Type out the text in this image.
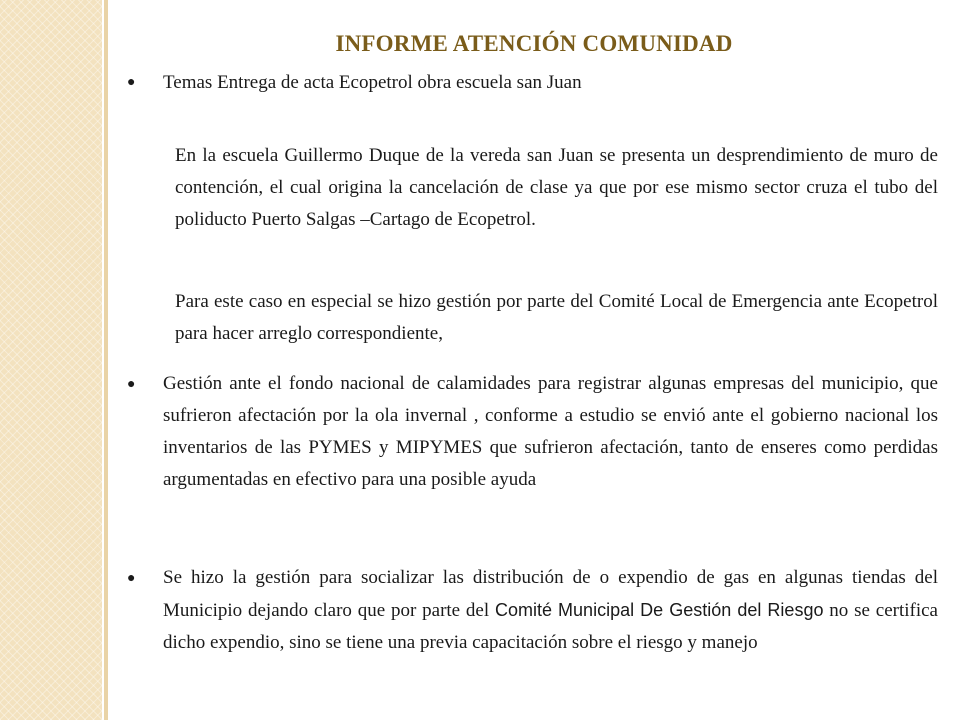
INFORME ATENCIÓN COMUNIDAD
● Temas Entrega de acta Ecopetrol obra escuela san Juan

En la escuela Guillermo Duque de la vereda san Juan se presenta un desprendimiento de muro de contención, el cual origina la cancelación de clase ya que por ese mismo sector cruza el tubo del poliducto Puerto Salgas –Cartago de Ecopetrol.

Para este caso en especial se hizo gestión por parte del Comité Local de Emergencia ante Ecopetrol para hacer arreglo correspondiente,

● Gestión ante el fondo nacional de calamidades para registrar algunas empresas del municipio, que sufrieron afectación por la ola invernal , conforme a estudio se envió ante el gobierno nacional los inventarios de las PYMES y MIPYMES que sufrieron afectación, tanto de enseres como perdidas argumentadas en efectivo para una posible ayuda

● Se hizo la gestión para socializar las distribución de o expendio de gas en algunas tiendas del Municipio dejando claro que por parte del Comité Municipal De Gestión del Riesgo no se certifica dicho expendio, sino se tiene una previa capacitación sobre el riesgo y manejo
